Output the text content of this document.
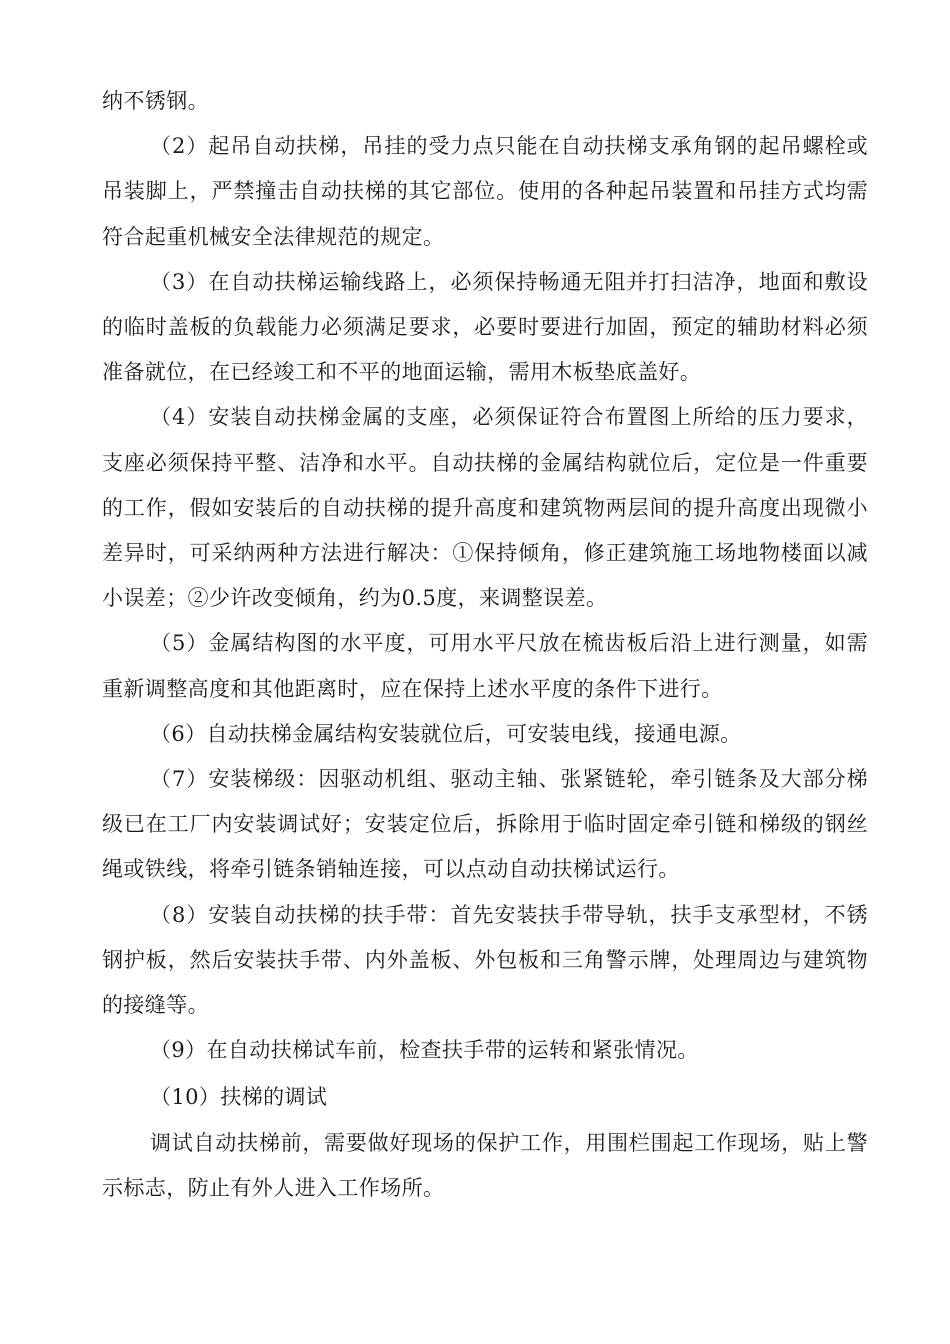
纳不锈钢。

（2）起吊自动扶梯，吊挂的受力点只能在自动扶梯支承角钢的起吊螺栓或吊装脚上，严禁撞击自动扶梯的其它部位。使用的各种起吊装置和吊挂方式均需符合起重机械安全法律规范的规定。

（3）在自动扶梯运输线路上，必须保持畅通无阻并打扫洁净，地面和敷设的临时盖板的负载能力必须满足要求，必要时要进行加固，预定的辅助材料必须准备就位，在已经竣工和不平的地面运输，需用木板垫底盖好。

（4）安装自动扶梯金属的支座，必须保证符合布置图上所给的压力要求，支座必须保持平整、洁净和水平。自动扶梯的金属结构就位后，定位是一件重要的工作，假如安装后的自动扶梯的提升高度和建筑物两层间的提升高度出现微小差异时，可采纳两种方法进行解决：①保持倾角，修正建筑施工场地物楼面以减小误差；②少许改变倾角，约为0.5度，来调整误差。

（5）金属结构图的水平度，可用水平尺放在梳齿板后沿上进行测量，如需重新调整高度和其他距离时，应在保持上述水平度的条件下进行。

（6）自动扶梯金属结构安装就位后，可安装电线，接通电源。

（7）安装梯级：因驱动机组、驱动主轴、张紧链轮，牵引链条及大部分梯级已在工厂内安装调试好；安装定位后，拆除用于临时固定牵引链和梯级的钢丝绳或铁线，将牵引链条销轴连接，可以点动自动扶梯试运行。

（8）安装自动扶梯的扶手带：首先安装扶手带导轨，扶手支承型材，不锈钢护板，然后安装扶手带、内外盖板、外包板和三角警示牌，处理周边与建筑物的接缝等。

（9）在自动扶梯试车前，检查扶手带的运转和紧张情况。

（10）扶梯的调试

调试自动扶梯前，需要做好现场的保护工作，用围栏围起工作现场，贴上警示标志，防止有外人进入工作场所。
